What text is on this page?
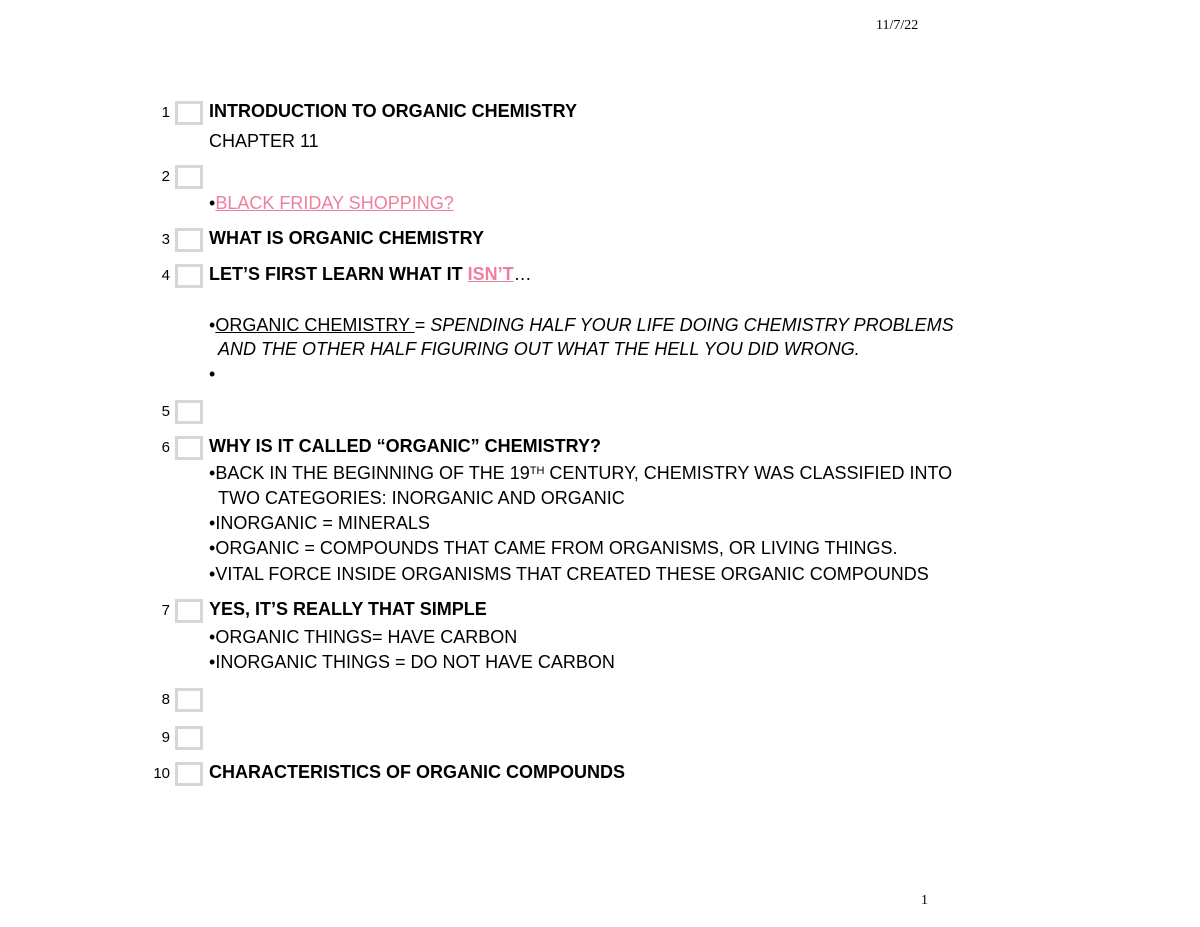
11/7/22
1 INTRODUCTION TO ORGANIC CHEMISTRY
CHAPTER 11
2
•BLACK FRIDAY SHOPPING?
3 WHAT IS ORGANIC CHEMISTRY
4 LET’S FIRST LEARN WHAT IT ISN’T…
•ORGANIC CHEMISTRY = SPENDING HALF YOUR LIFE DOING CHEMISTRY PROBLEMS
AND THE OTHER HALF FIGURING OUT WHAT THE HELL YOU DID WRONG.
•
5
6 WHY IS IT CALLED “ORGANIC” CHEMISTRY?
•BACK IN THE BEGINNING OF THE 19TH CENTURY, CHEMISTRY WAS CLASSIFIED INTO
TWO CATEGORIES: INORGANIC AND ORGANIC
•INORGANIC = MINERALS
•ORGANIC = COMPOUNDS THAT CAME FROM ORGANISMS, OR LIVING THINGS.
•VITAL FORCE INSIDE ORGANISMS THAT CREATED THESE ORGANIC COMPOUNDS
7 YES, IT’S REALLY THAT SIMPLE
•ORGANIC THINGS= HAVE CARBON
•INORGANIC THINGS = DO NOT HAVE CARBON
8
9
10 CHARACTERISTICS OF ORGANIC COMPOUNDS
1
